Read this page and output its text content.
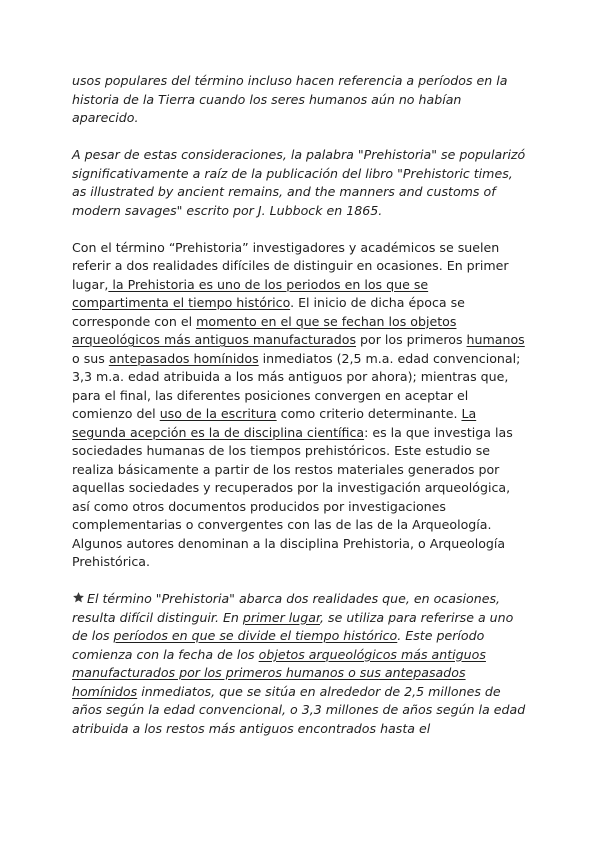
usos populares del término incluso hacen referencia a períodos en la historia de la Tierra cuando los seres humanos aún no habían aparecido.

A pesar de estas consideraciones, la palabra "Prehistoria" se popularizó significativamente a raíz de la publicación del libro "Prehistoric times, as illustrated by ancient remains, and the manners and customs of modern savages" escrito por J. Lubbock en 1865.

Con el término “Prehistoria” investigadores y académicos se suelen referir a dos realidades difíciles de distinguir en ocasiones. En primer lugar, la Prehistoria es uno de los periodos en los que se compartimenta el tiempo histórico. El inicio de dicha época se corresponde con el momento en el que se fechan los objetos arqueológicos más antiguos manufacturados por los primeros humanos o sus antepasados homínidos inmediatos (2,5 m.a. edad convencional; 3,3 m.a. edad atribuida a los más antiguos por ahora); mientras que, para el final, las diferentes posiciones convergen en aceptar el comienzo del uso de la escritura como criterio determinante. La segunda acepción es la de disciplina científica: es la que investiga las sociedades humanas de los tiempos prehistóricos. Este estudio se realiza básicamente a partir de los restos materiales generados por aquellas sociedades y recuperados por la investigación arqueológica, así como otros documentos producidos por investigaciones complementarias o convergentes con las de las de la Arqueología. Algunos autores denominan a la disciplina Prehistoria, o Arqueología Prehistórica.

El término "Prehistoria" abarca dos realidades que, en ocasiones, resulta difícil distinguir. En primer lugar, se utiliza para referirse a uno de los períodos en que se divide el tiempo histórico. Este período comienza con la fecha de los objetos arqueológicos más antiguos manufacturados por los primeros humanos o sus antepasados homínidos inmediatos, que se sitúa en alrededor de 2,5 millones de años según la edad convencional, o 3,3 millones de años según la edad atribuida a los restos más antiguos encontrados hasta el
